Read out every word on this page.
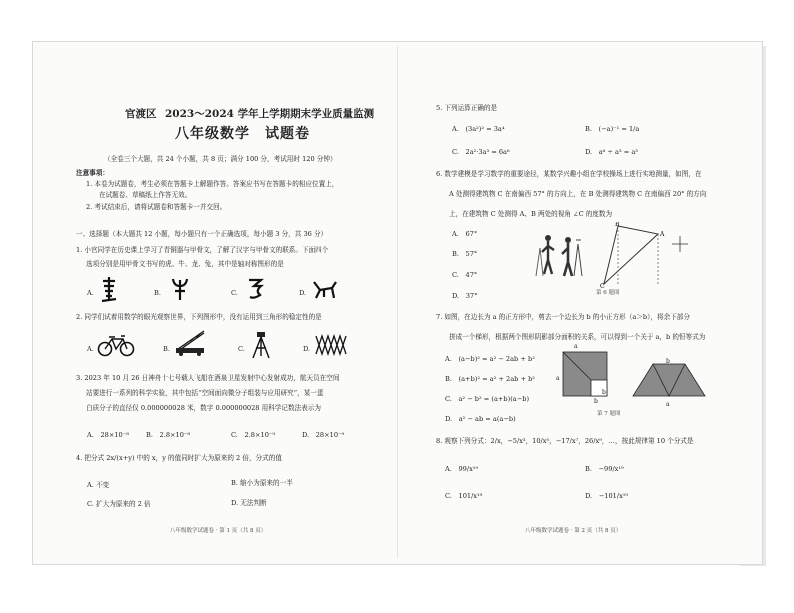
官渡区 2023～2024 学年上学期期末学业质量监测
八年级数学　试题卷
（全卷三个大题，共 24 个小题，共 8 页；满分 100 分，考试用时 120 分钟）
注意事项：
1. 本卷为试题卷，考生必须在答题卡上解题作答。答案应书写在答题卡的相应位置上，
在试题卷、草稿纸上作答无效。
2. 考试结束后，请将试题卷和答题卡一并交回。
一、选择题（本大题共 12 小题，每小题只有一个正确选项，每小题 3 分，共 36 分）
1. 小官同学在历史课上学习了青铜器与甲骨文，了解了汉字与甲骨文的联系。下面四个
选项分别是用甲骨文书写的虎、牛、龙、兔，其中是轴对称图形的是
A.	B.	C.	D.
2. 同学们试着用数学的眼光观察世界，下列图形中，没有运用到三角形的稳定性的是
A.	B.	C.	D.
3. 2023 年 10 月 26 日神舟十七号载人飞船在酒泉卫星发射中心发射成功，航天员在空间
站要进行一系列的科学实验，其中包括“空间面向微分子组装与应用研究”，某一蛋
白质分子的直径仅 0.000000028 米，数字 0.000000028 用科学记数法表示为
A.　28×10⁻⁸	B.　2.8×10⁻⁸	C.　2.8×10⁻⁹	D.　28×10⁻⁹
4. 把分式 2x/(x+y) 中的 x，y 的值同时扩大为原来的 2 倍，分式的值
A. 不变	B. 缩小为原来的一半
C. 扩大为原来的 2 倍	D. 无法判断
八年级数学试题卷 · 第 1 页（共 8 页）
5. 下列运算正确的是
A.　(3a²)² = 3a⁴	B.　(−a)⁻¹ = 1/a
C.　2a²·3a³ = 6a⁶	D.　a⁶ ÷ a³ = a³
6. 数学建模是学习数学的重要途径，某数学兴趣小组在学校操场上进行实地测量，如图，在
A 处测得建筑物 C 在南偏西 57° 的方向上，在 B 处测得建筑物 C 在南偏西 20° 的方向
上，在建筑物 C 处测得 A、B 两处的视角 ∠C 的度数为
A.　67°
B.　57°
C.　47°
D.　37°
C
A
B
第 6 题图
7. 如图，在边长为 a 的正方形中，剪去一个边长为 b 的小正方形（a＞b），将余下部分
拼成一个梯形，根据两个图形阴影部分面积的关系，可以得到一个关于 a，b 的恒等式为
A.　(a−b)² = a² − 2ab + b²
B.　(a+b)² = a² + 2ab + b²
C.　a² − b² = (a+b)(a−b)
D.　a² − ab = a(a−b)
a
a
b
b	a
b
第 7 题图
8. 观察下列分式：2/x，−5/x³，10/x⁵，−17/x⁷，26/x⁹，…，按此规律第 10 个分式是
A.　99/x¹⁹	B.　−99/x¹⁹
C.　101/x¹⁹	D.　−101/x¹⁹
八年级数学试题卷 · 第 2 页（共 8 页）
